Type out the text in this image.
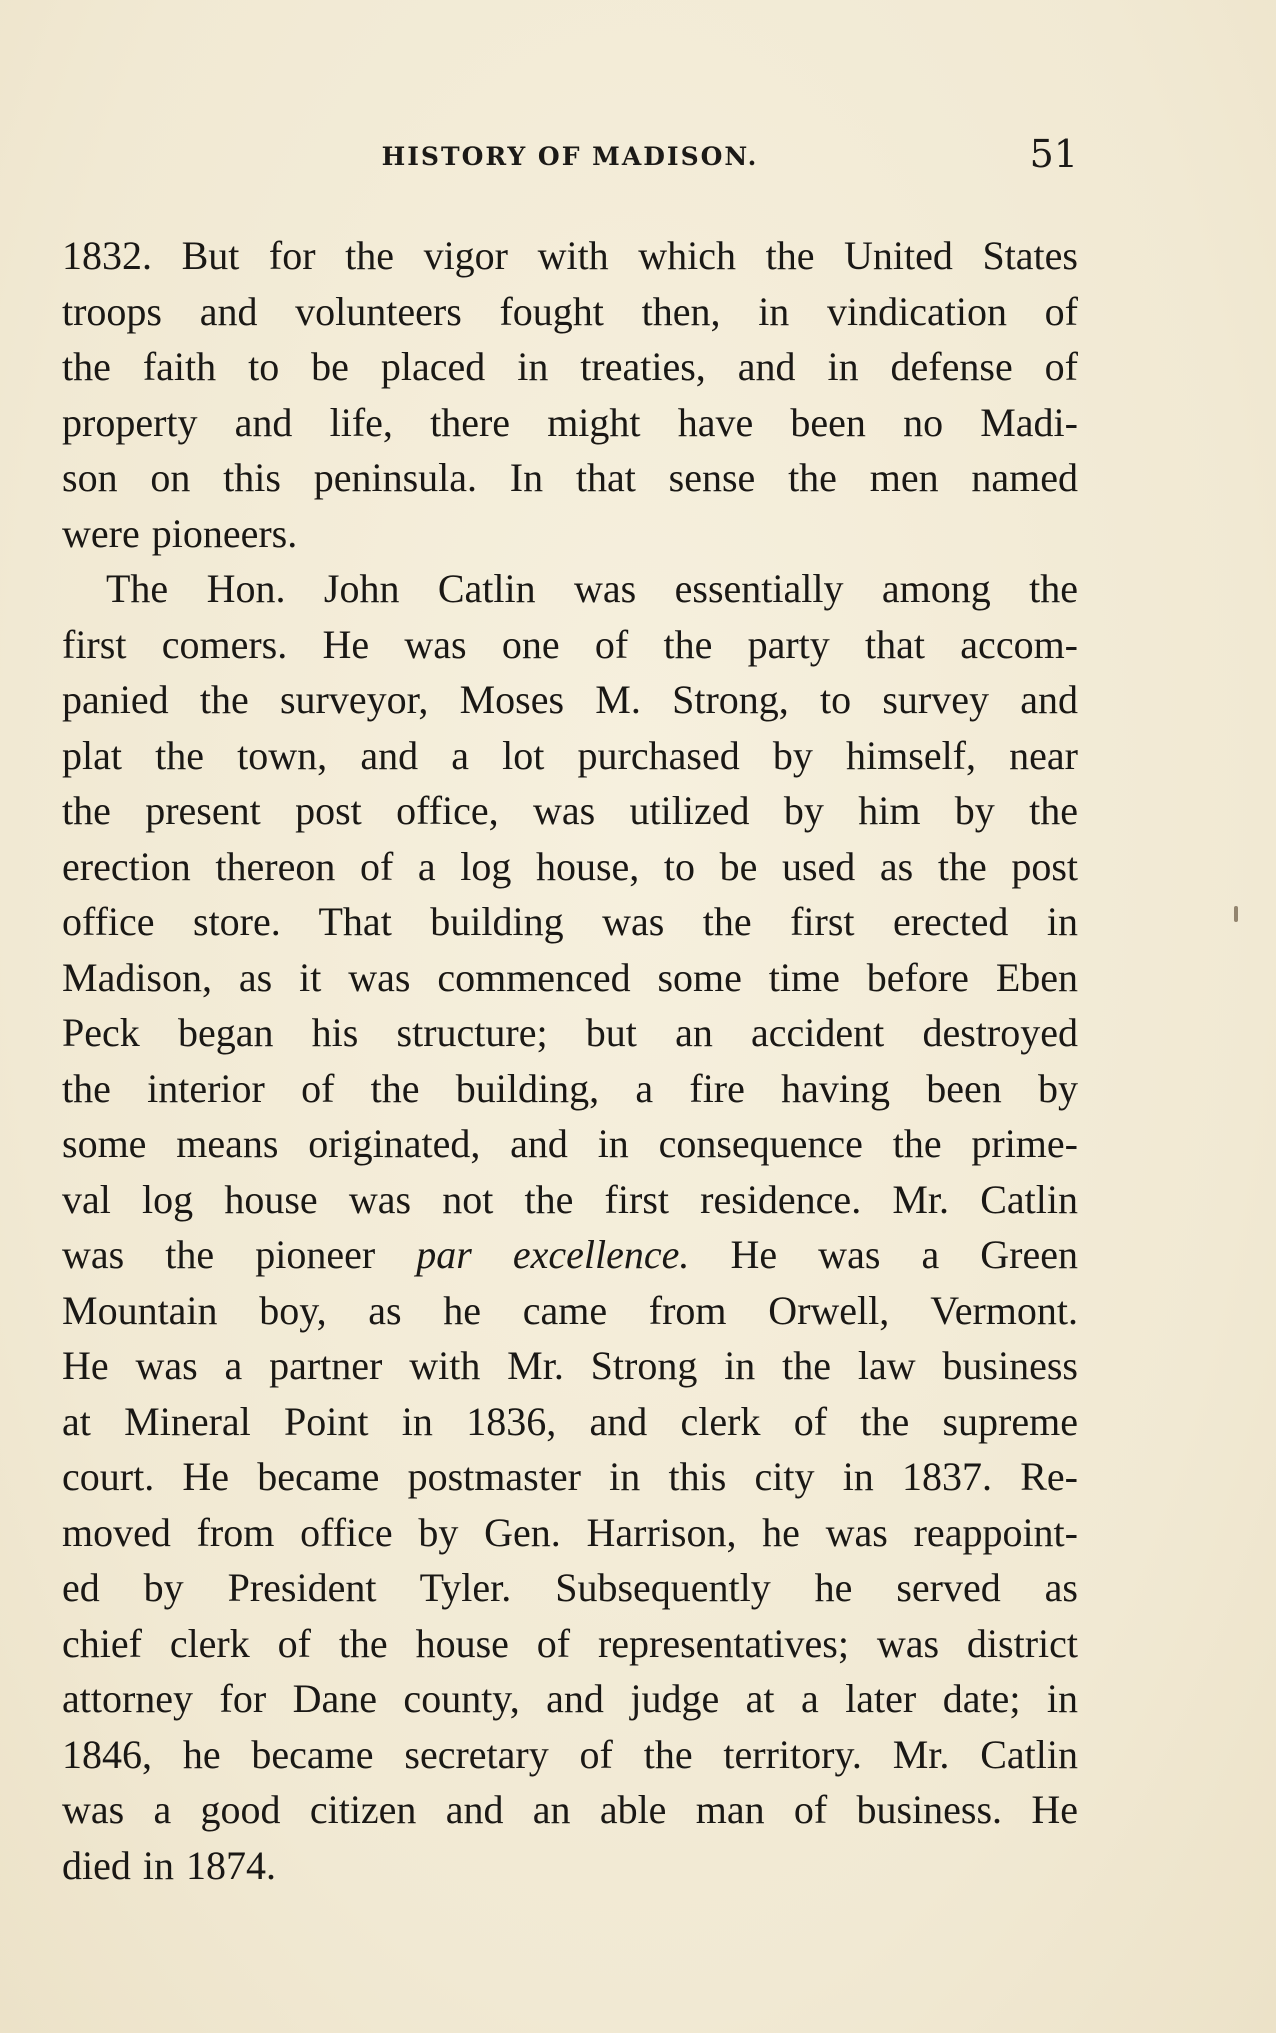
HISTORY OF MADISON.	51
1832. But for the vigor with which the United States
troops and volunteers fought then, in vindication of
the faith to be placed in treaties, and in defense of
property and life, there might have been no Madi-
son on this peninsula. In that sense the men named
were pioneers.
The Hon. John Catlin was essentially among the
first comers. He was one of the party that accom-
panied the surveyor, Moses M. Strong, to survey and
plat the town, and a lot purchased by himself, near
the present post office, was utilized by him by the
erection thereon of a log house, to be used as the post
office store. That building was the first erected in
Madison, as it was commenced some time before Eben
Peck began his structure; but an accident destroyed
the interior of the building, a fire having been by
some means originated, and in consequence the prime-
val log house was not the first residence. Mr. Catlin
was the pioneer par excellence. He was a Green
Mountain boy, as he came from Orwell, Vermont.
He was a partner with Mr. Strong in the law business
at Mineral Point in 1836, and clerk of the supreme
court. He became postmaster in this city in 1837. Re-
moved from office by Gen. Harrison, he was reappoint-
ed by President Tyler. Subsequently he served as
chief clerk of the house of representatives; was district
attorney for Dane county, and judge at a later date; in
1846, he became secretary of the territory. Mr. Catlin
was a good citizen and an able man of business. He
died in 1874.
